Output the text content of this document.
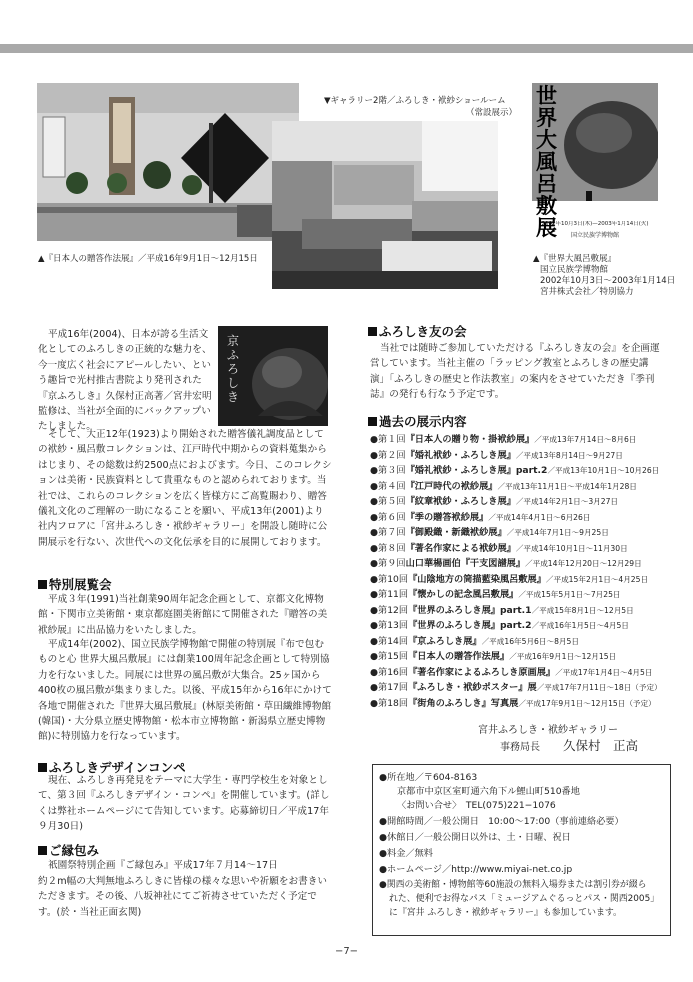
▲『日本人の贈答作法展』／平成16年9月1日〜12月15日
▼ギャラリー2階／ふろしき・袱紗ショールーム
（常設展示）
世界大風呂敷展
2002年10月3日(木)—2003年1月14日(火)
国立民族学博物館
▲『世界大風呂敷展』
国立民族学博物館
2002年10月3日〜2003年1月14日
宮井株式会社／特別協力
京ふろしき
平成16年(2004)、日本が誇る生活文化としてのふろしきの正統的な魅力を、今一度広く社会にアピールしたい、という趣旨で光村推古書院より発刊された『京ふろしき』久保村正高著／宮井宏明監修は、当社が全面的にバックアップいたしました。
そして、大正12年(1923)より開始された贈答儀礼調度品としての袱紗・風呂敷コレクションは、江戸時代中期からの資料蒐集からはじまり、その総数は約2500点におよびます。今日、このコレクションは美術・民族資料として貴重なものと認められております。当社では、これらのコレクションを広く皆様方にご高覧賜わり、贈答儀礼文化のご理解の一助になることを願い、平成13年(2001)より社内フロアに「宮井ふろしき・袱紗ギャラリー」を開設し随時に公開展示を行ない、次世代への文化伝承を目的に展開しております。
特別展覧会
平成３年(1991)当社創業90周年記念企画として、京都文化博物館・下関市立美術館・東京都庭園美術館にて開催された『贈答の美袱紗展』に出品協力をいたしました。
平成14年(2002)、国立民族学博物館で開催の特別展『布で包むものと心 世界大風呂敷展』には創業100周年記念企画として特別協力を行ないました。同展には世界の風呂敷が大集合。25ヶ国から400枚の風呂敷が集まりました。以後、平成15年から16年にかけて各地で開催された『世界大風呂敷展』(林原美術館・草田繊維博物館(韓国)・大分県立歴史博物館・松本市立博物館・新潟県立歴史博物館)に特別協力を行なっています。
ふろしきデザインコンペ
現在、ふろしき再発見をテーマに大学生・専門学校生を対象として、第３回『ふろしきデザイン・コンペ』を開催しています。(詳しくは弊社ホームページにて告知しています。応募締切日／平成17年９月30日)
ご縁包み
祇園祭特別企画『ご縁包み』平成17年７月14〜17日
約２m幅の大判無地ふろしきに皆様の様々な思いや祈願をお書きいただきます。その後、八坂神社にてご祈祷させていただく予定です。(於・当社正面玄関)
ふろしき友の会
当社では随時ご参加していただける『ふろしき友の会』を企画運営しています。当社主催の「ラッピング教室とふろしきの歴史講演」「ふろしきの歴史と作法教室」の案内をさせていただき『季刊誌』の発行も行なう予定です。
過去の展示内容
●第１回『日本人の贈り物・掛袱紗展』／平成13年7月14日〜8月6日
●第２回『婚礼袱紗・ふろしき展』／平成13年8月14日〜9月27日
●第３回『婚礼袱紗・ふろしき展』part.2／平成13年10月1日〜10月26日
●第４回『江戸時代の袱紗展』／平成13年11月1日〜平成14年1月28日
●第５回『紋章袱紗・ふろしき展』／平成14年2月1日〜3月27日
●第６回『季の贈答袱紗展』／平成14年4月1日〜6月26日
●第７回『御殿織・新織袱紗展』／平成14年7月1日〜9月25日
●第８回『著名作家による袱紗展』／平成14年10月1日〜11月30日
●第９回山口華楊画伯『干支図譜展』／平成14年12月20日〜12月29日
●第10回『山陰地方の筒描藍染風呂敷展』／平成15年2月1日〜4月25日
●第11回『懐かしの記念風呂敷展』／平成15年5月1日〜7月25日
●第12回『世界のふろしき展』part.1／平成15年8月1日〜12月5日
●第13回『世界のふろしき展』part.2／平成16年1月5日〜4月5日
●第14回『京ふろしき展』／平成16年5月6日〜8月5日
●第15回『日本人の贈答作法展』／平成16年9月1日〜12月15日
●第16回『著名作家によるふろしき原画展』／平成17年1月4日〜4月5日
●第17回『ふろしき・袱紗ポスター』展／平成17年7月11日〜18日（予定）
●第18回『街角のふろしき』写真展／平成17年9月1日〜12月15日（予定）
宮井ふろしき・袱紗ギャラリー
事務局長 久保村　正高
●所在地／〒604-8163
京都市中京区室町通六角下ル鯉山町510番地
〈お問い合せ〉　TEL(075)221−1076
●開館時間／一般公開日　10:00〜17:00（事前連絡必要）
●休館日／一般公開日以外は、土・日曜、祝日
●料金／無料
●ホームページ／http://www.miyai-net.co.jp
●関西の美術館・博物館等60施設の無料入場券または割引券が綴ら
れた、便利でお得なパス「ミュージアムぐるっとパス・関西2005」
に『宮井 ふろしき・袱紗ギャラリー』も参加しています。
−7−
